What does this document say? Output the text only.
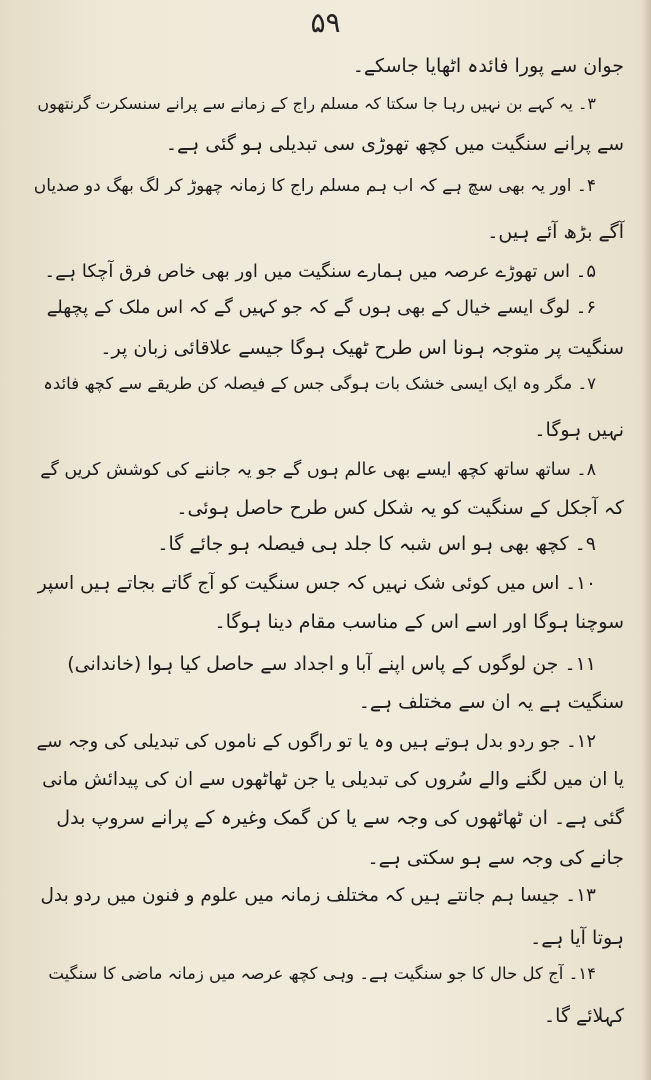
۵۹
جوان سے پورا فائدہ اٹھایا جاسکے۔
۳۔ یہ کہے بن نہیں رہا جا سکتا کہ مسلم راج کے زمانے سے پرانے سنسکرت گرنتھوں
سے پرانے سنگیت میں کچھ تھوڑی سی تبدیلی ہو گئی ہے۔
۴۔ اور یہ بھی سچ ہے کہ اب ہم مسلم راج کا زمانہ چھوڑ کر لگ بھگ دو صدیاں
آگے بڑھ آئے ہیں۔
۵۔ اس تھوڑے عرصہ میں ہمارے سنگیت میں اور بھی خاص فرق آچکا ہے۔
۶۔ لوگ ایسے خیال کے بھی ہوں گے کہ جو کہیں گے کہ اس ملک کے پچھلے
سنگیت پر متوجہ ہونا اس طرح ٹھیک ہوگا جیسے علاقائی زبان پر۔
۷۔ مگر وہ ایک ایسی خشک بات ہوگی جس کے فیصلہ کن طریقے سے کچھ فائدہ
نہیں ہوگا۔
۸۔ ساتھ ساتھ کچھ ایسے بھی عالم ہوں گے جو یہ جاننے کی کوشش کریں گے
کہ آجکل کے سنگیت کو یہ شکل کس طرح حاصل ہوئی۔
۹۔ کچھ بھی ہو اس شبہ کا جلد ہی فیصلہ ہو جائے گا۔
۱۰۔ اس میں کوئی شک نہیں کہ جس سنگیت کو آج گاتے بجاتے ہیں اسپر
سوچنا ہوگا اور اسے اس کے مناسب مقام دینا ہوگا۔
۱۱۔ جن لوگوں کے پاس اپنے آبا و اجداد سے حاصل کیا ہوا (خاندانی)
سنگیت ہے یہ ان سے مختلف ہے۔
۱۲۔ جو ردو بدل ہوتے ہیں وہ یا تو راگوں کے ناموں کی تبدیلی کی وجہ سے
یا ان میں لگنے والے سُروں کی تبدیلی یا جن ٹھاٹھوں سے ان کی پیدائش مانی
گئی ہے۔ ان ٹھاٹھوں کی وجہ سے یا کن گمک وغیرہ کے پرانے سروپ بدل
جانے کی وجہ سے ہو سکتی ہے۔
۱۳۔ جیسا ہم جانتے ہیں کہ مختلف زمانہ میں علوم و فنون میں ردو بدل
ہوتا آیا ہے۔
۱۴۔ آج کل حال کا جو سنگیت ہے۔ وہی کچھ عرصہ میں زمانہ ماضی کا سنگیت
کہلائے گا۔
